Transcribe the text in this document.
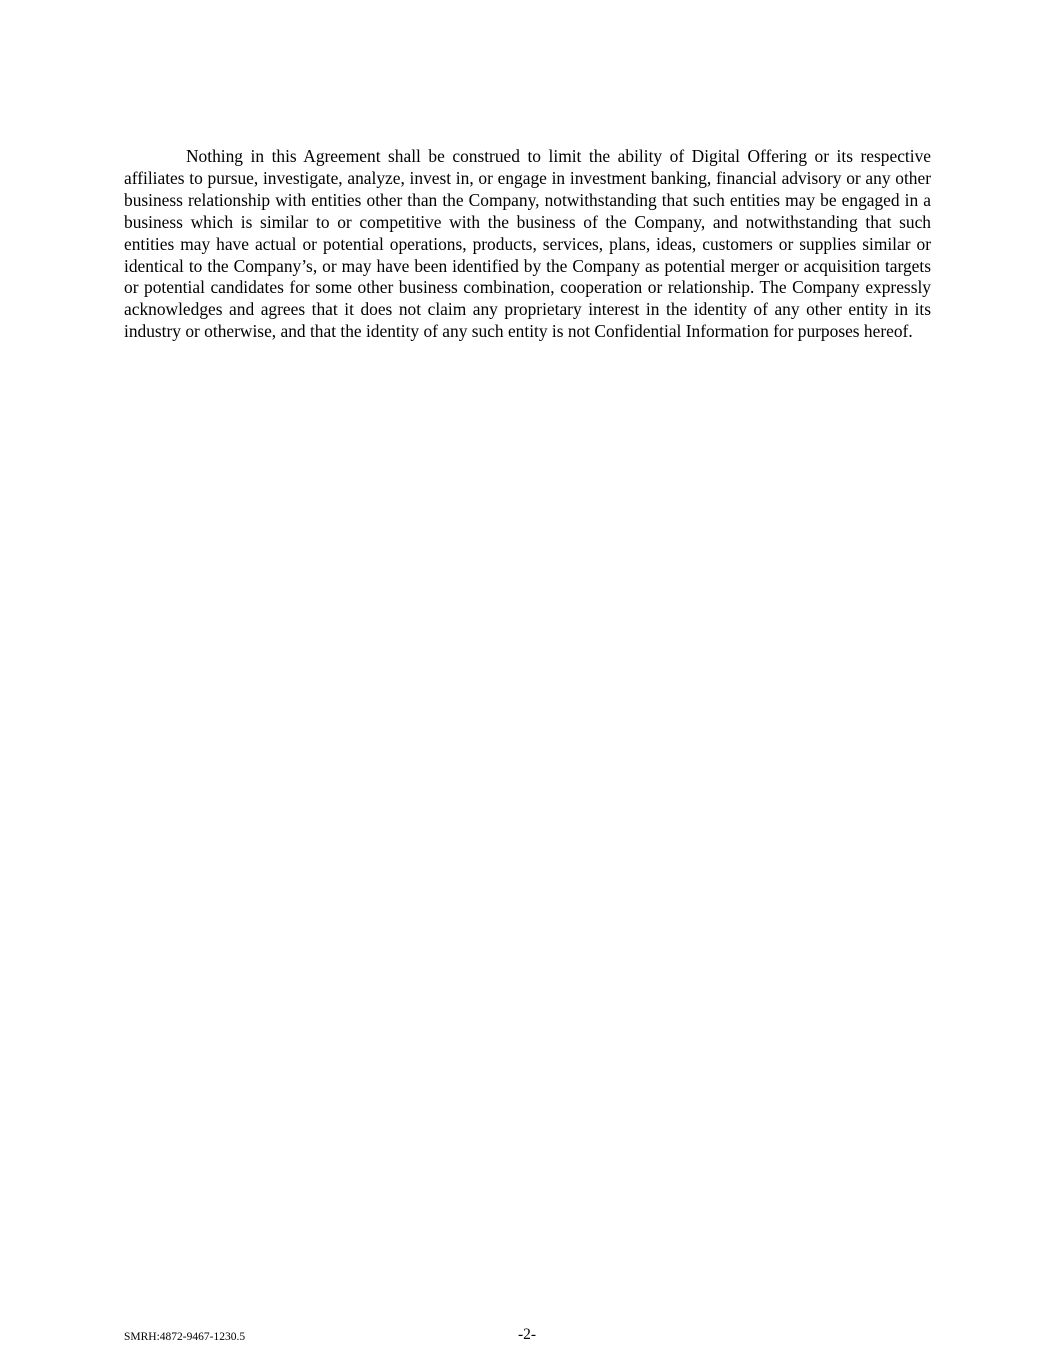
Nothing in this Agreement shall be construed to limit the ability of Digital Offering or its respective affiliates to pursue, investigate, analyze, invest in, or engage in investment banking, financial advisory or any other business relationship with entities other than the Company, notwithstanding that such entities may be engaged in a business which is similar to or competitive with the business of the Company, and notwithstanding that such entities may have actual or potential operations, products, services, plans, ideas, customers or supplies similar or identical to the Company’s, or may have been identified by the Company as potential merger or acquisition targets or potential candidates for some other business combination, cooperation or relationship. The Company expressly acknowledges and agrees that it does not claim any proprietary interest in the identity of any other entity in its industry or otherwise, and that the identity of any such entity is not Confidential Information for purposes hereof.

SMRH:4872-9467-1230.5	-2-
